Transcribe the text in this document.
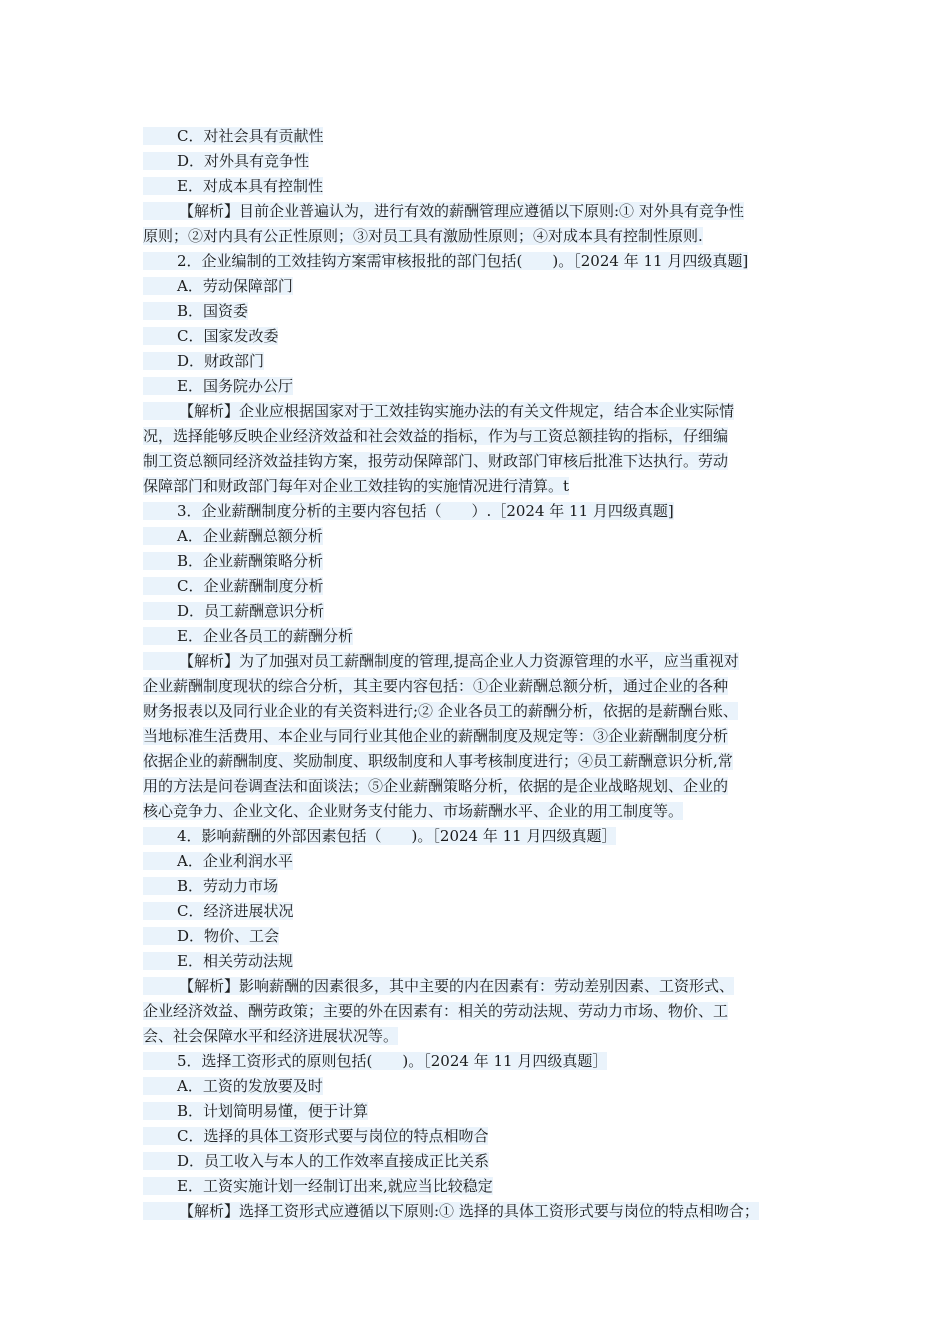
C．对社会具有贡献性
D．对外具有竞争性
E．对成本具有控制性
【解析】目前企业普遍认为，进行有效的薪酬管理应遵循以下原则:① 对外具有竞争性
原则；②对内具有公正性原则；③对员工具有激励性原则；④对成本具有控制性原则.
2．企业编制的工效挂钩方案需审核报批的部门包括(　　)。［2024 年 11 月四级真题]
A．劳动保障部门
B．国资委
C．国家发改委
D．财政部门
E．国务院办公厅
【解析】企业应根据国家对于工效挂钩实施办法的有关文件规定，结合本企业实际情
况，选择能够反映企业经济效益和社会效益的指标，作为与工资总额挂钩的指标，仔细编
制工资总额同经济效益挂钩方案，报劳动保障部门、财政部门审核后批准下达执行。劳动
保障部门和财政部门每年对企业工效挂钩的实施情况进行清算。t
3．企业薪酬制度分析的主要内容包括（　　）.［2024 年 11 月四级真题]
A．企业薪酬总额分析
B．企业薪酬策略分析
C．企业薪酬制度分析
D．员工薪酬意识分析
E．企业各员工的薪酬分析
【解析】为了加强对员工薪酬制度的管理,提高企业人力资源管理的水平，应当重视对
企业薪酬制度现状的综合分析，其主要内容包括：①企业薪酬总额分析，通过企业的各种
财务报表以及同行业企业的有关资料进行;② 企业各员工的薪酬分析，依据的是薪酬台账、
当地标准生活费用、本企业与同行业其他企业的薪酬制度及规定等：③企业薪酬制度分析
依据企业的薪酬制度、奖励制度、职级制度和人事考核制度进行；④员工薪酬意识分析,常
用的方法是问卷调查法和面谈法；⑤企业薪酬策略分析，依据的是企业战略规划、企业的
核心竞争力、企业文化、企业财务支付能力、市场薪酬水平、企业的用工制度等。
4．影响薪酬的外部因素包括（　　)。［2024 年 11 月四级真题］
A．企业利润水平
B．劳动力市场
C．经济进展状况
D．物价、工会
E．相关劳动法规
【解析】影响薪酬的因素很多，其中主要的内在因素有：劳动差别因素、工资形式、
企业经济效益、酬劳政策；主要的外在因素有：相关的劳动法规、劳动力市场、物价、工
会、社会保障水平和经济进展状况等。
5．选择工资形式的原则包括(　　)。［2024 年 11 月四级真题］
A．工资的发放要及时
B．计划简明易懂，便于计算
C．选择的具体工资形式要与岗位的特点相吻合
D．员工收入与本人的工作效率直接成正比关系
E．工资实施计划一经制订出来,就应当比较稳定
【解析】选择工资形式应遵循以下原则:① 选择的具体工资形式要与岗位的特点相吻合；
